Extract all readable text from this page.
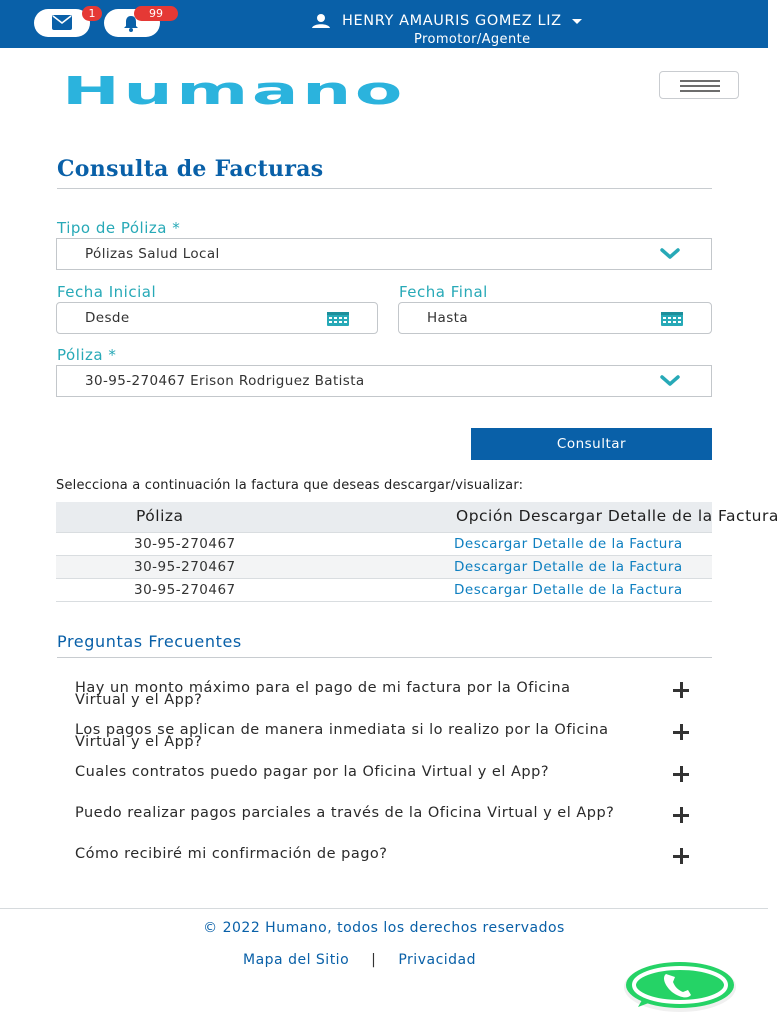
1	99	HENRY AMAURIS GOMEZ LIZ
Promotor/Agente
Humano
Consulta de Facturas
Tipo de Póliza *
Pólizas Salud Local
Fecha Inicial
Desde
Fecha Final
Hasta
Póliza *
30-95-270467 Erison Rodriguez Batista
Consultar
Selecciona a continuación la factura que deseas descargar/visualizar:
Póliza	Opción Descargar Detalle de la Factura
30-95-270467	Descargar Detalle de la Factura
30-95-270467	Descargar Detalle de la Factura
30-95-270467	Descargar Detalle de la Factura
Preguntas Frecuentes
Hay un monto máximo para el pago de mi factura por la Oficina Virtual y el App?
Los pagos se aplican de manera inmediata si lo realizo por la Oficina Virtual y el App?
Cuales contratos puedo pagar por la Oficina Virtual y el App?
Puedo realizar pagos parciales a través de la Oficina Virtual y el App?
Cómo recibiré mi confirmación de pago?
© 2022 Humano, todos los derechos reservados
Mapa del Sitio | Privacidad
